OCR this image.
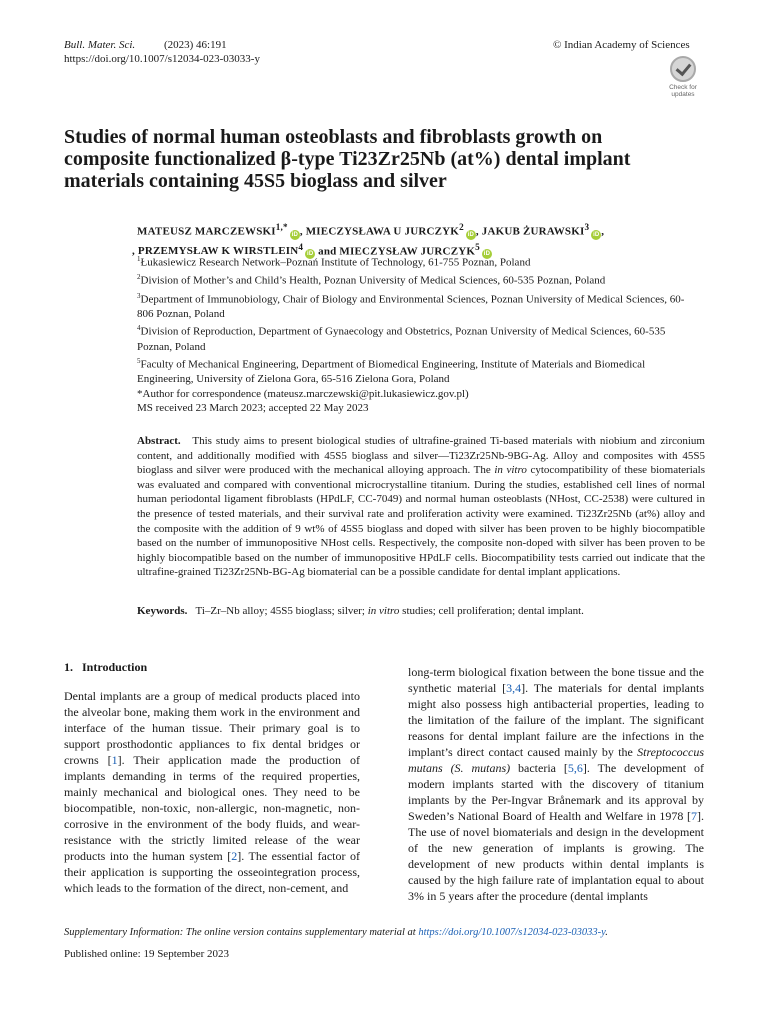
Bull. Mater. Sci.	(2023) 46:191
https://doi.org/10.1007/s12034-023-03033-y
© Indian Academy of Sciences
Check for
updates
Studies of normal human osteoblasts and fibroblasts growth on composite functionalized β-type Ti23Zr25Nb (at%) dental implant materials containing 45S5 bioglass and silver
MATEUSZ $MARCZEWSKI^{1,*}iD$ , MIECZYSŁAWA U JURCZYK$^2$iD , JAKUB ŻURAWSKI$^3$iD ,
, PRZEMYSŁAW K WIRSTLEIN$^4$iD and MIECZYSŁAW JURCZYK$^5$iD

$^1$Łukasiewicz Research Network–Poznań Institute of Technology, 61-755 Poznan, Poland

$^2$Division of Mother’s and Child’s Health, Poznan University of Medical Sciences, 60-535 Poznan, Poland

$^3$Department of Immunobiology, Chair of Biology and Environmental Sciences, Poznan University of Medical Sciences, 60-806 Poznan, Poland

$^4$Division of Reproduction, Department of Gynaecology and Obstetrics, Poznan University of Medical Sciences, 60-535 Poznan, Poland

$^5$Faculty of Mechanical Engineering, Department of Biomedical Engineering, Institute of Materials and Biomedical Engineering, University of Zielona Gora, 65-516 Zielona Gora, Poland

*Author for correspondence (mateusz.marczewski@pit.lukasiewicz.gov.pl)

MS received 23 March 2023; accepted 22 May 2023
Abstract. This study aims to present biological studies of ultrafine-grained Ti-based materials with niobium and zirconium content, and additionally modified with 45S5 bioglass and silver—Ti23Zr25Nb-9BG-Ag. Alloy and composites with 45S5 bioglass and silver were produced with the mechanical alloying approach. The in vitro cytocompatibility of these biomaterials was evaluated and compared with conventional microcrystalline titanium. During the studies, established cell lines of normal human periodontal ligament fibroblasts (HPdLF, CC-7049) and normal human osteoblasts (NHost, CC-2538) were cultured in the presence of tested materials, and their survival rate and proliferation activity were examined. Ti23Zr25Nb (at%) alloy and the composite with the addition of 9 wt% of 45S5 bioglass and doped with silver has been proven to be highly biocompatible based on the number of immunopositive NHost cells. Respectively, the composite non-doped with silver has been proven to be highly biocompatible based on the number of immunopositive HPdLF cells. Biocompatibility tests carried out indicate that the ultrafine-grained Ti23Zr25Nb-BG-Ag biomaterial can be a possible candidate for dental implant applications.
Keywords. Ti–Zr–Nb alloy; 45S5 bioglass; silver; in vitro studies; cell proliferation; dental implant.
1.   Introduction

Dental implants are a group of medical products placed into the alveolar bone, making them work in the environment and interface of the human tissue. Their primary goal is to support prosthodontic appliances to fix dental bridges or crowns [1]. Their application made the production of implants demanding in terms of the required properties, mainly mechanical and biological ones. They need to be biocompatible, non-toxic, non-allergic, non-magnetic, non-corrosive in the environment of the body fluids, and wear-resistance with the strictly limited release of the wear products into the human system [2]. The essential factor of their application is supporting the osseointegration process, which leads to the formation of the direct, non-cement, and

long-term biological fixation between the bone tissue and the synthetic material [3,4]. The materials for dental implants might also possess high antibacterial properties, leading to the limitation of the failure of the implant. The significant reasons for dental implant failure are the infections in the implant’s direct contact caused mainly by the Streptococcus mutans (S. mutans) bacteria [5,6]. The development of modern implants started with the discovery of titanium implants by the Per-Ingvar Brånemark and its approval by Sweden’s National Board of Health and Welfare in 1978 [7]. The use of novel biomaterials and design in the development of the new generation of implants is growing. The development of new products within dental implants is caused by the high failure rate of implantation equal to about 3% in 5 years after the procedure (dental implants

Supplementary Information: The online version contains supplementary material at https://doi.org/10.1007/s12034-023-03033-y.
Published online: 19 September 2023
